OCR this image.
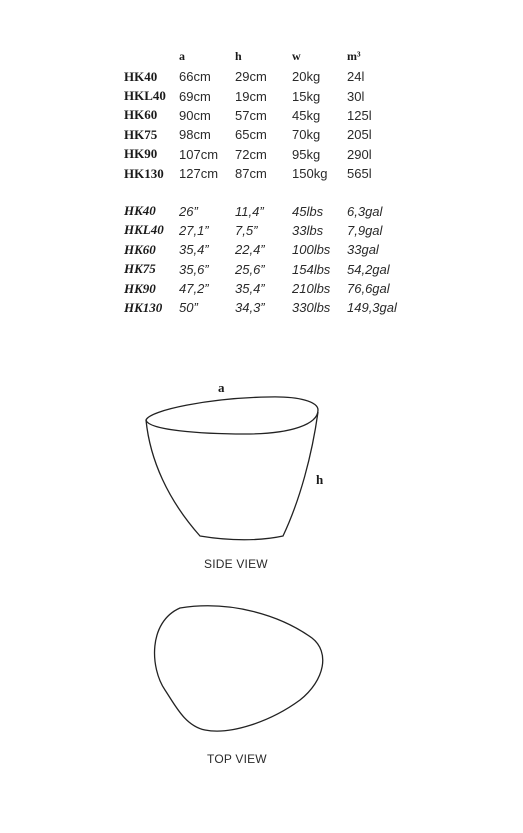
	a	h	w	m³
HK40	66cm	29cm	20kg	24l
HKL40	69cm	19cm	15kg	30l
HK60	90cm	57cm	45kg	125l
HK75	98cm	65cm	70kg	205l
HK90	107cm	72cm	95kg	290l
HK130	127cm	87cm	150kg	565l

HK40	26”	11,4”	45lbs	6,3gal
HKL40	27,1”	7,5”	33lbs	7,9gal
HK60	35,4”	22,4”	100lbs	33gal
HK75	35,6”	25,6”	154lbs	54,2gal
HK90	47,2”	35,4”	210lbs	76,6gal
HK130	50”	34,3”	330lbs	149,3gal
a
h
SIDE VIEW
TOP VIEW
